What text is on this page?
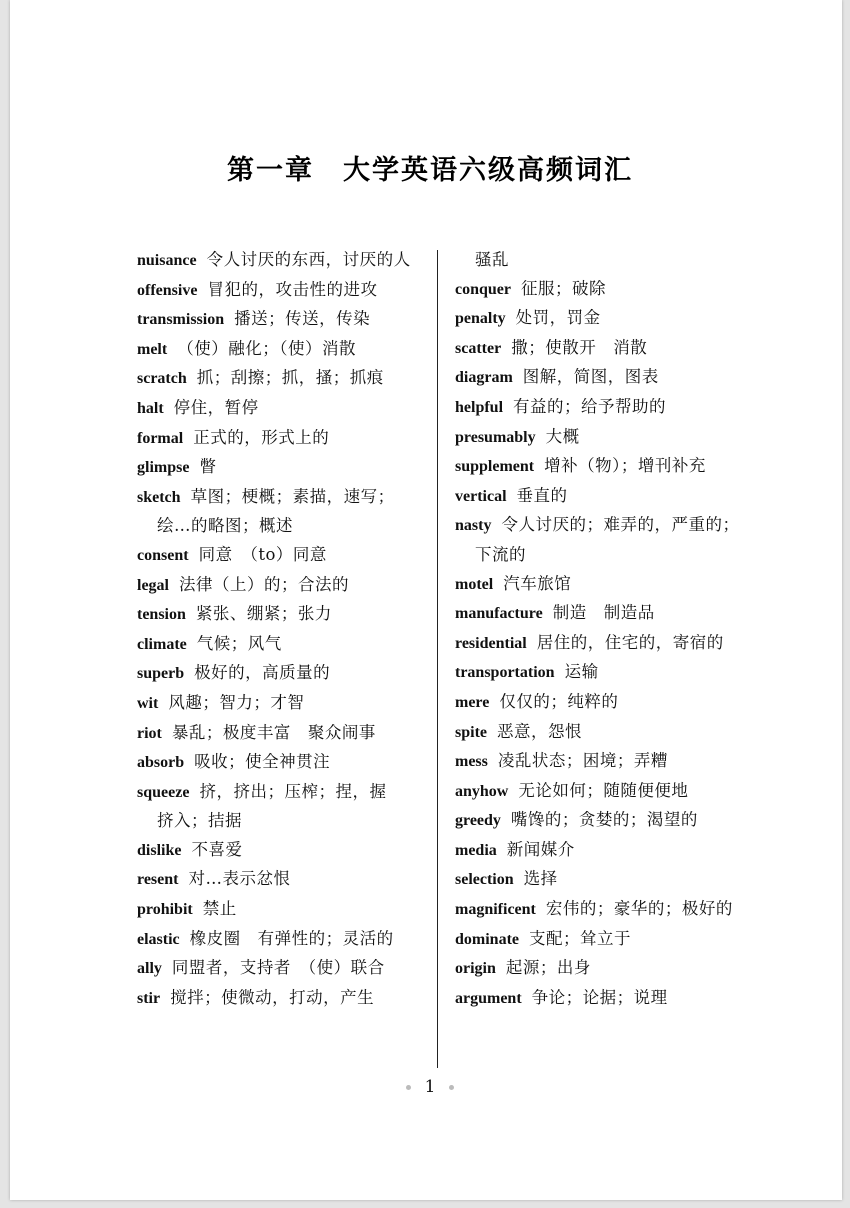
第一章　大学英语六级高频词汇
nuisance 令人讨厌的东西，讨厌的人
offensive 冒犯的，攻击性的进攻
transmission 播送；传送，传染
melt （使）融化；（使）消散
scratch 抓；刮擦；抓，搔；抓痕
halt 停住，暂停
formal 正式的，形式上的
glimpse 瞥
sketch 草图；梗概；素描，速写；绘…的略图；概述
consent 同意　（to）同意
legal 法律（上）的；合法的
tension 紧张、绷紧；张力
climate 气候；风气
superb 极好的，高质量的
wit 风趣；智力；才智
riot 暴乱；极度丰富　聚众闹事
absorb 吸收；使全神贯注
squeeze 挤，挤出；压榨；捏，握　挤入；拮据
dislike 不喜爱
resent 对…表示忿恨
prohibit 禁止
elastic 橡皮圈　有弹性的；灵活的
ally 同盟者，支持者　（使）联合
stir 搅拌；使微动，打动，产生
骚乱
conquer 征服；破除
penalty 处罚，罚金
scatter 撒；使散开　消散
diagram 图解，简图，图表
helpful 有益的；给予帮助的
presumably 大概
supplement 增补（物）；增刊补充
vertical 垂直的
nasty 令人讨厌的；难弄的，严重的；下流的
motel 汽车旅馆
manufacture 制造　制造品
residential 居住的，住宅的，寄宿的
transportation 运输
mere 仅仅的；纯粹的
spite 恶意，怨恨
mess 凌乱状态；困境；弄糟
anyhow 无论如何；随随便便地
greedy 嘴馋的；贪婪的；渴望的
media 新闻媒介
selection 选择
magnificent 宏伟的；豪华的；极好的
dominate 支配；耸立于
origin 起源；出身
argument 争论；论据；说理
1
